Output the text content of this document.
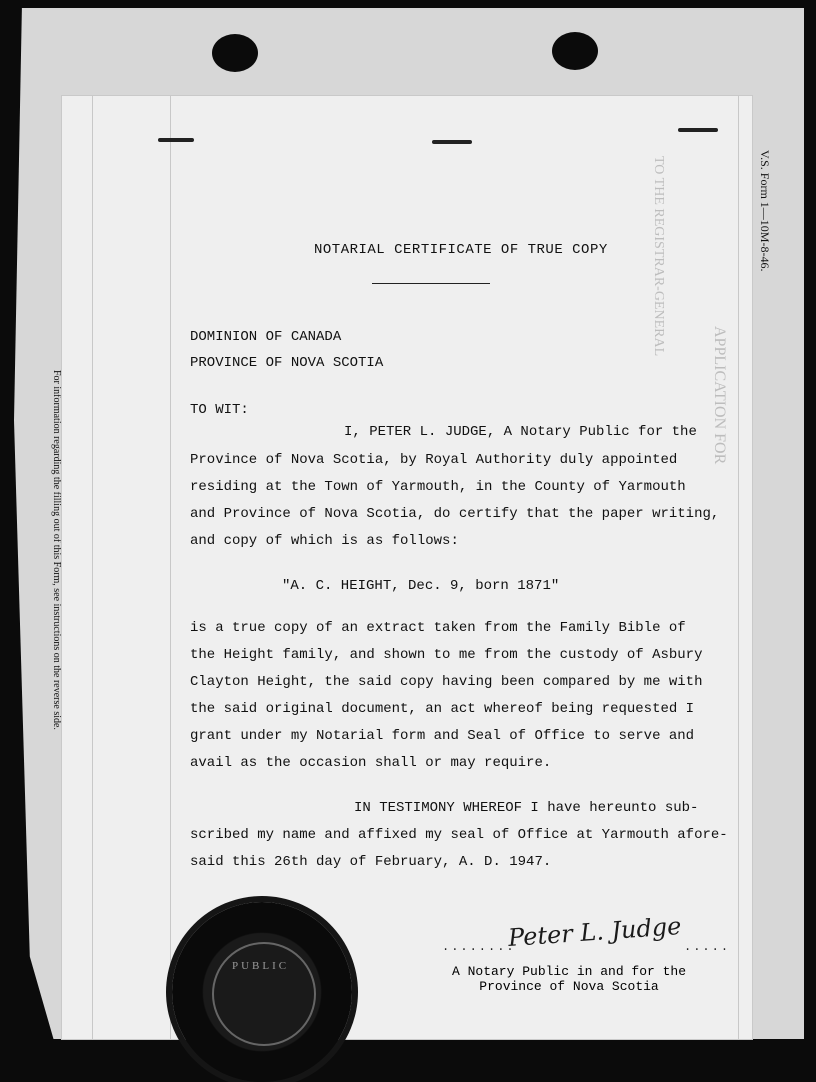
V.S. Form 1—10M-8-46.
For information regarding the filling out of this Form, see instructions on the reverse side.
TO THE REGISTRAR-GENERAL
APPLICATION FOR
NOTARIAL CERTIFICATE OF TRUE COPY
DOMINION OF CANADA
PROVINCE OF NOVA SCOTIA
TO WIT:
I, PETER L. JUDGE, A Notary Public for the
Province of Nova Scotia, by Royal Authority duly appointed
residing at the Town of Yarmouth, in the County of Yarmouth
and Province of Nova Scotia, do certify that the paper writing,
and copy of which is as follows:
"A. C. HEIGHT, Dec. 9, born 1871"
is a true copy of an extract taken from the Family Bible of
the Height family, and shown to me from the custody of Asbury
Clayton Height, the said copy having been compared by me with
the said original document, an act whereof being requested I
grant under my Notarial form and Seal of Office to serve and
avail as the occasion shall or may require.
IN TESTIMONY WHEREOF I have hereunto sub-
scribed my name and affixed my seal of Office at Yarmouth afore-
said this 26th day of February, A. D. 1947.
PUBLIC
........	.....
Peter L. Judge
A Notary Public in and for the
Province of Nova Scotia
